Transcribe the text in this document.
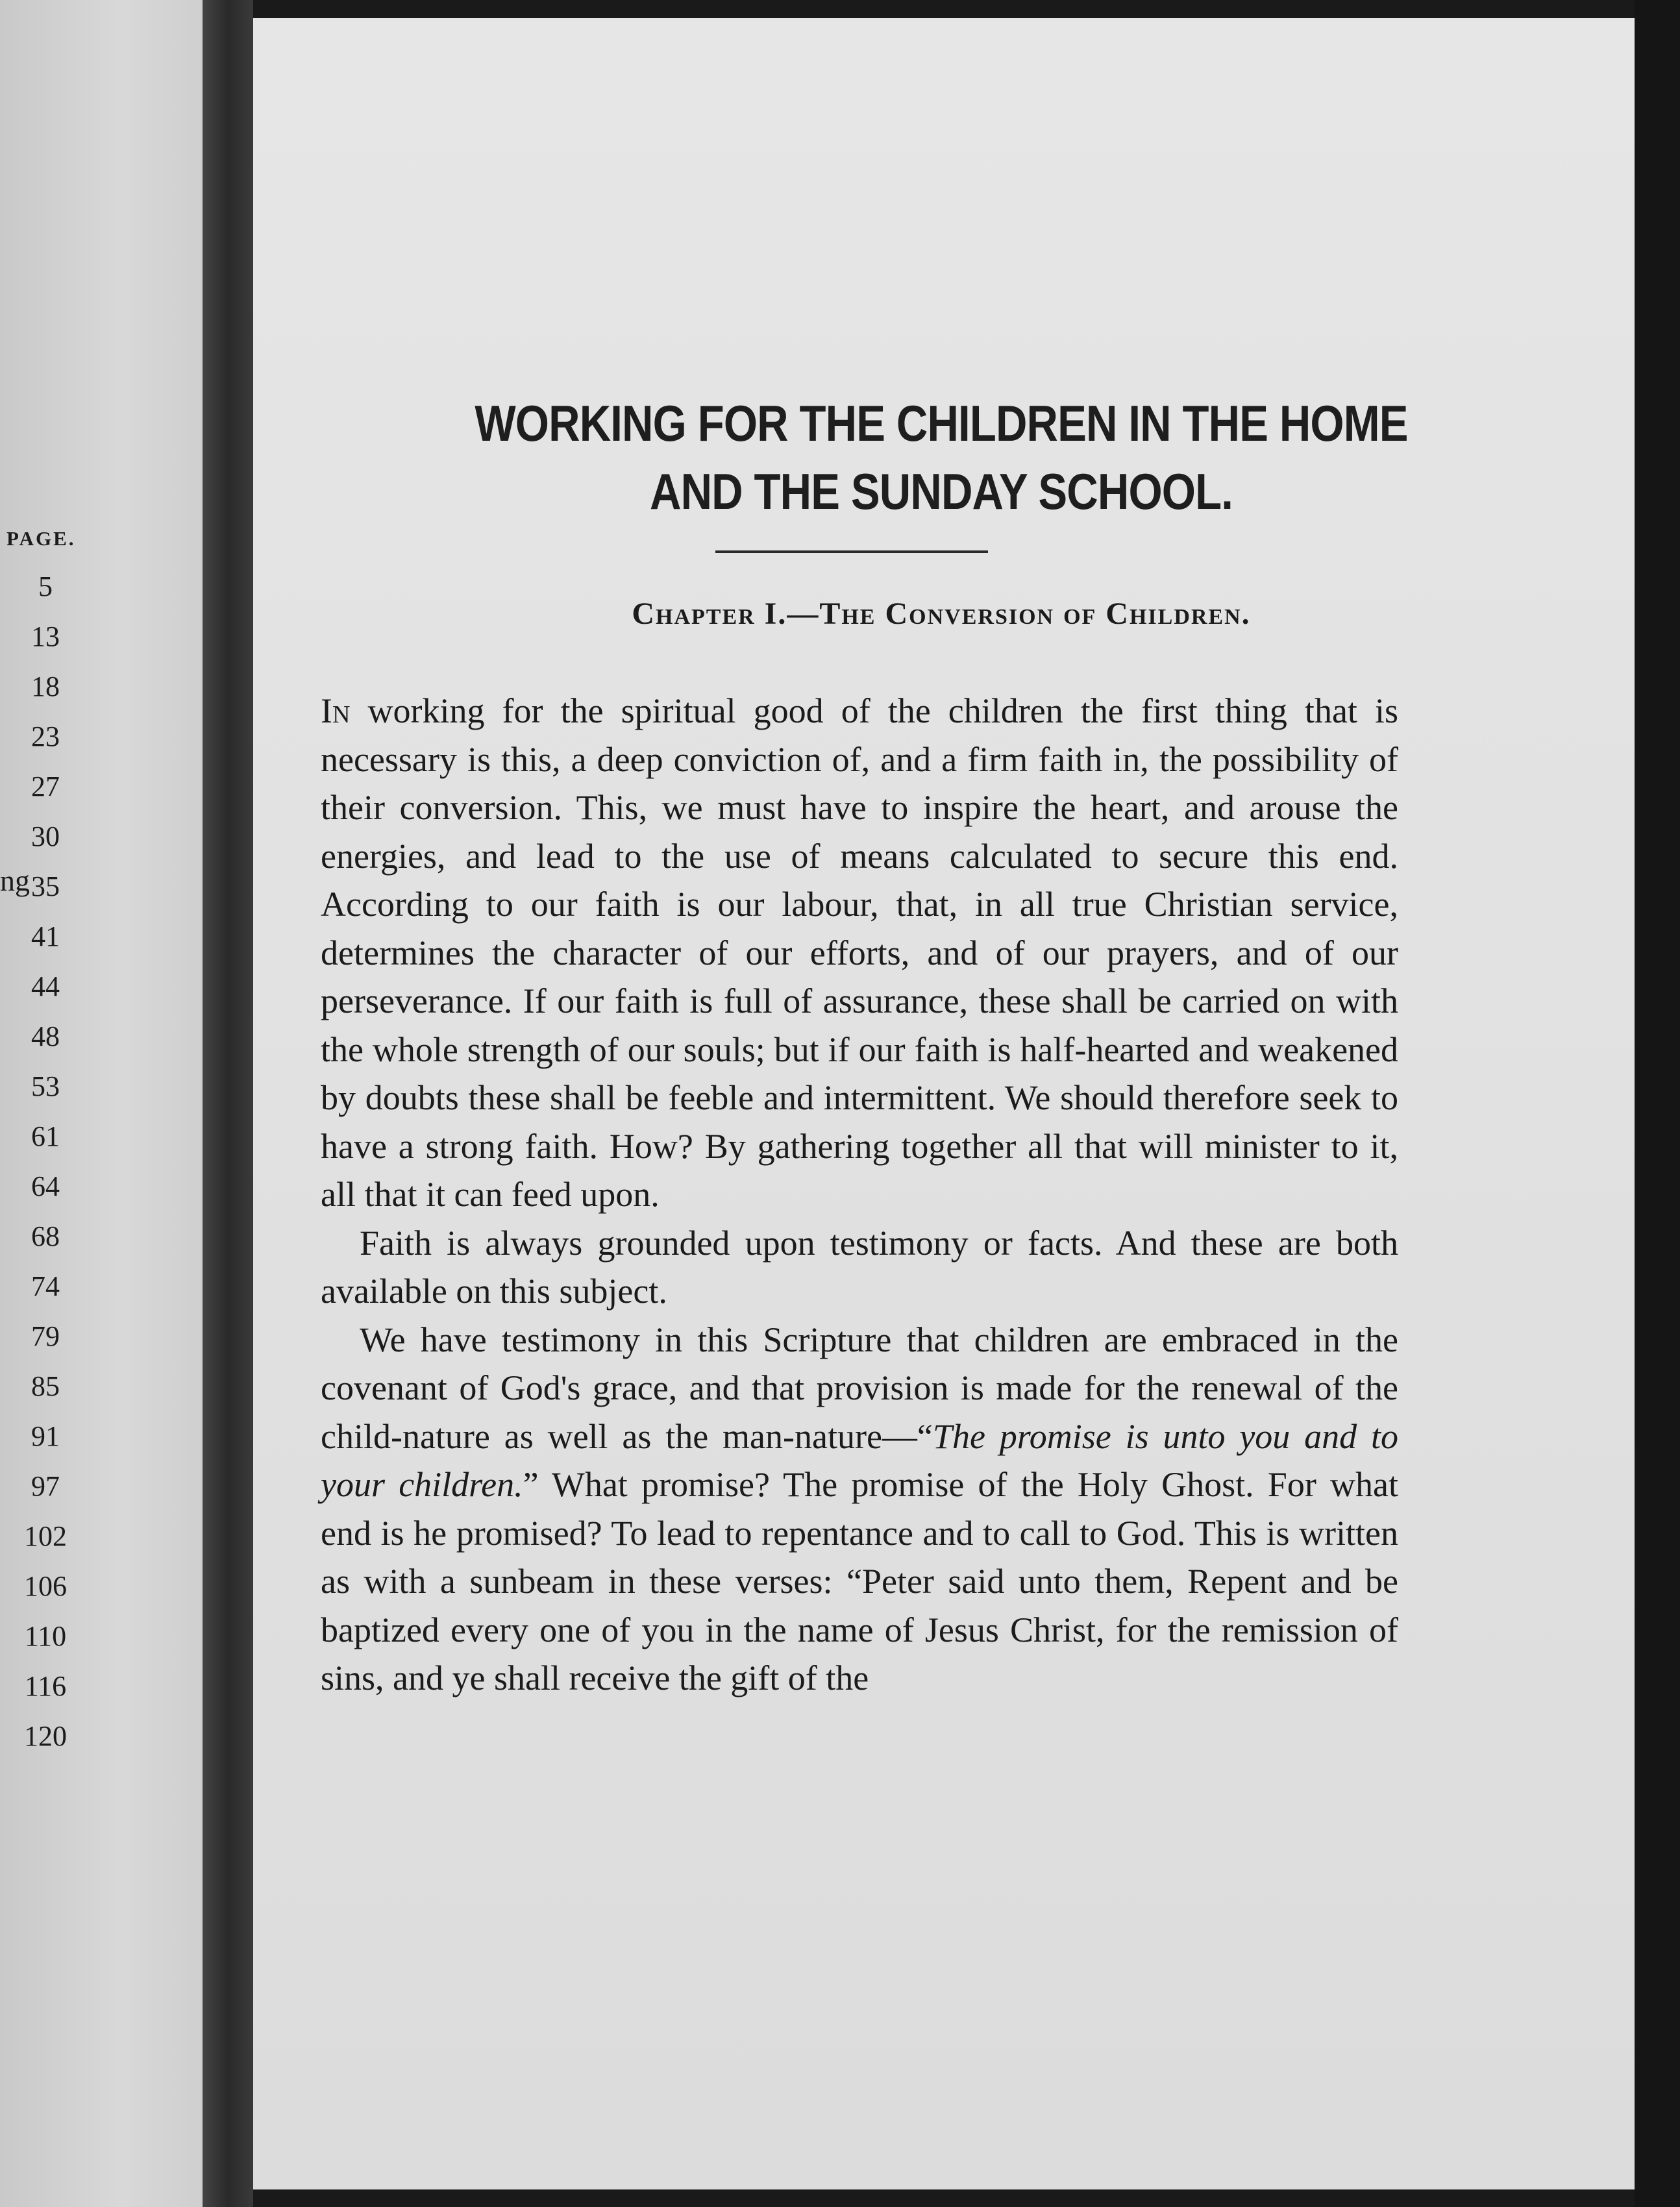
PAGE.
5
13
18
23
27
30
35
41
44
48
53
61
64
68
74
79
85
91
97
102
106
110
116
120
ng
WORKING FOR THE CHILDREN IN THE HOME
AND THE SUNDAY SCHOOL.
Chapter I.—The Conversion of Children.

In working for the spiritual good of the children the first thing that is necessary is this, a deep conviction of, and a firm faith in, the possibility of their conversion. This, we must have to inspire the heart, and arouse the energies, and lead to the use of means calculated to secure this end. According to our faith is our labour, that, in all true Christian service, determines the character of our efforts, and of our prayers, and of our perseverance. If our faith is full of assurance, these shall be carried on with the whole strength of our souls; but if our faith is half-hearted and weakened by doubts these shall be feeble and intermittent. We should therefore seek to have a strong faith. How? By gathering together all that will minister to it, all that it can feed upon.

Faith is always grounded upon testimony or facts. And these are both available on this subject.

We have testimony in this Scripture that children are embraced in the covenant of God's grace, and that provision is made for the renewal of the child-nature as well as the man-nature—“The promise is unto you and to your children.” What promise? The promise of the Holy Ghost. For what end is he promised? To lead to repentance and to call to God. This is written as with a sunbeam in these verses: “Peter said unto them, Repent and be baptized every one of you in the name of Jesus Christ, for the remission of sins, and ye shall receive the gift of the
